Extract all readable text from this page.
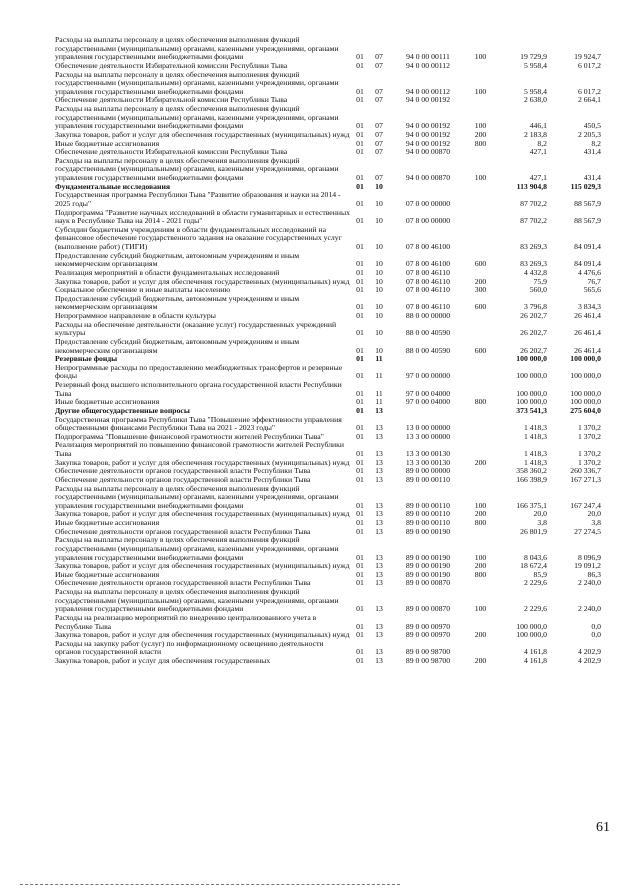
Расходы на выплаты персоналу в целях обеспечения выполнения функций государственными (муниципальными) органами, казенными учреждениями, органами управления государственными внебюджетными фондами	01	07	94 0 00 00111	100	19 729,9	19 924,7
Обеспечение деятельности Избирательной комиссии Республики Тыва	01	07	94 0 00 00112		5 958,4	6 017,2
Расходы на выплаты персоналу в целях обеспечения выполнения функций государственными (муниципальными) органами, казенными учреждениями, органами управления государственными внебюджетными фондами	01	07	94 0 00 00112	100	5 958,4	6 017,2
Обеспечение деятельности Избирательной комиссии Республики Тыва	01	07	94 0 00 00192		2 638,0	2 664,1
Расходы на выплаты персоналу в целях обеспечения выполнения функций государственными (муниципальными) органами, казенными учреждениями, органами управления государственными внебюджетными фондами	01	07	94 0 00 00192	100	446,1	450,5
Закупка товаров, работ и услуг для обеспечения государственных (муниципальных) нужд	01	07	94 0 00 00192	200	2 183,8	2 205,3
Иные бюджетные ассигнования	01	07	94 0 00 00192	800	8,2	8,2
Обеспечение деятельности Избирательной комиссии Республики Тыва	01	07	94 0 00 00870		427,1	431,4
Расходы на выплаты персоналу в целях обеспечения выполнения функций государственными (муниципальными) органами, казенными учреждениями, органами управления государственными внебюджетными фондами	01	07	94 0 00 00870	100	427,1	431,4
Фундаментальные исследования	01	10			113 904,8	115 029,3
Государственная программа Республики Тыва "Развитие образования и науки на 2014 - 2025 годы"	01	10	07 0 00 00000		87 702,2	88 567,9
Подпрограмма "Развитие научных исследований в области гуманитарных и естественных наук в Республике Тыва на 2014 - 2021 годы"	01	10	07 8 00 00000		87 702,2	88 567,9
Субсидии бюджетным учреждениям в области фундаментальных исследований на финансовое обеспечение государственного задания на оказание государственных услуг (выполнение работ) (ТИГИ)	01	10	07 8 00 46100		83 269,3	84 091,4
Предоставление субсидий бюджетным, автономным учреждениям и иным некоммерческим организациям	01	10	07 8 00 46100	600	83 269,3	84 091,4
Реализация мероприятий в области фундаментальных исследований	01	10	07 8 00 46110		4 432,8	4 476,6
Закупка товаров, работ и услуг для обеспечения государственных (муниципальных) нужд	01	10	07 8 00 46110	200	75,9	76,7
Социальное обеспечение и иные выплаты населению	01	10	07 8 00 46110	300	560,0	565,6
Предоставление субсидий бюджетным, автономным учреждениям и иным некоммерческим организациям	01	10	07 8 00 46110	600	3 796,8	3 834,3
Непрограммное направление в области культуры	01	10	88 0 00 00000		26 202,7	26 461,4
Расходы на обеспечение деятельности (оказание услуг) государственных учреждений культуры	01	10	88 0 00 40590		26 202,7	26 461,4
Предоставление субсидий бюджетным, автономным учреждениям и иным некоммерческим организациям	01	10	88 0 00 40590	600	26 202,7	26 461,4
Резервные фонды	01	11			100 000,0	100 000,0
Непрограммные расходы по предоставлению межбюджетных трансфертов и резервные фонды	01	11	97 0 00 00000		100 000,0	100 000,0
Резервный фонд высшего исполнительного органа государственной власти Республики Тыва	01	11	97 0 00 04000		100 000,0	100 000,0
Иные бюджетные ассигнования	01	11	97 0 00 04000	800	100 000,0	100 000,0
Другие общегосударственные вопросы	01	13			373 541,3	275 604,0
Государственная программа Республики Тыва "Повышение эффективности управления общественными финансами Республики Тыва на 2021 - 2023 годы"	01	13	13 0 00 00000		1 418,3	1 370,2
Подпрограмма "Повышение финансовой грамотности жителей Республики Тыва"	01	13	13 3 00 00000		1 418,3	1 370,2
Реализация мероприятий по повышению финансовой грамотности жителей Республики Тыва	01	13	13 3 00 00130		1 418,3	1 370,2
Закупка товаров, работ и услуг для обеспечения государственных (муниципальных) нужд	01	13	13 3 00 00130	200	1 418,3	1 370,2
Обеспечение деятельности органов государственной власти Республики Тыва	01	13	89 0 00 00000		358 360,2	260 336,7
Обеспечение деятельности органов государственной власти Республики Тыва	01	13	89 0 00 00110		166 398,9	167 271,3
Расходы на выплаты персоналу в целях обеспечения выполнения функций государственными (муниципальными) органами, казенными учреждениями, органами управления государственными внебюджетными фондами	01	13	89 0 00 00110	100	166 375,1	167 247,4
Закупка товаров, работ и услуг для обеспечения государственных (муниципальных) нужд	01	13	89 0 00 00110	200	20,0	20,0
Иные бюджетные ассигнования	01	13	89 0 00 00110	800	3,8	3,8
Обеспечение деятельности органов государственной власти Республики Тыва	01	13	89 0 00 00190		26 801,9	27 274,5
Расходы на выплаты персоналу в целях обеспечения выполнения функций государственными (муниципальными) органами, казенными учреждениями, органами управления государственными внебюджетными фондами	01	13	89 0 00 00190	100	8 043,6	8 096,9
Закупка товаров, работ и услуг для обеспечения государственных (муниципальных) нужд	01	13	89 0 00 00190	200	18 672,4	19 091,2
Иные бюджетные ассигнования	01	13	89 0 00 00190	800	85,9	86,3
Обеспечение деятельности органов государственной власти Республики Тыва	01	13	89 0 00 00870		2 229,6	2 240,0
Расходы на выплаты персоналу в целях обеспечения выполнения функций государственными (муниципальными) органами, казенными учреждениями, органами управления государственными внебюджетными фондами	01	13	89 0 00 00870	100	2 229,6	2 240,0
Расходы на реализацию мероприятий по внедрению централизованного учета в Республике Тыва	01	13	89 0 00 00970		100 000,0	0,0
Закупка товаров, работ и услуг для обеспечения государственных (муниципальных) нужд	01	13	89 0 00 00970	200	100 000,0	0,0
Расходы на закупку работ (услуг) по информационному освещению деятельности органов государственной власти	01	13	89 0 00 98700		4 161,8	4 202,9
Закупка товаров, работ и услуг для обеспечения государственных	01	13	89 0 00 98700	200	4 161,8	4 202,9
61
